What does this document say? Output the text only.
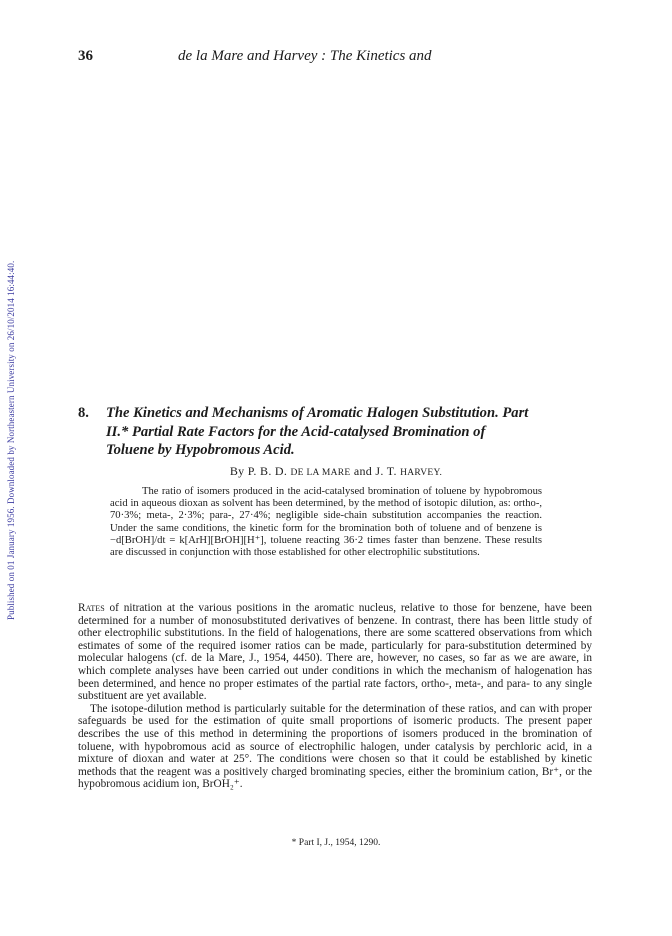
Published on 01 January 1956. Downloaded by Northeastern University on 26/10/2014 16:44:40.
36	de la Mare and Harvey : The Kinetics and
8. The Kinetics and Mechanisms of Aromatic Halogen Substitution. Part
II.* Partial Rate Factors for the Acid-catalysed Bromination of
Toluene by Hypobromous Acid.
By P. B. D. DE LA MARE and J. T. HARVEY.

The ratio of isomers produced in the acid-catalysed bromination of toluene by hypobromous acid in aqueous dioxan as solvent has been determined, by the method of isotopic dilution, as: ortho-, 70·3%; meta-, 2·3%; para-, 27·4%; negligible side-chain substitution accompanies the reaction. Under the same conditions, the kinetic form for the bromination both of toluene and of benzene is −d[BrOH]/dt = k[ArH][BrOH][H⁺], toluene reacting 36·2 times faster than benzene. These results are discussed in conjunction with those established for other electrophilic substitutions.

Rates of nitration at the various positions in the aromatic nucleus, relative to those for benzene, have been determined for a number of monosubstituted derivatives of benzene. In contrast, there has been little study of other electrophilic substitutions. In the field of halogenations, there are some scattered observations from which estimates of some of the required isomer ratios can be made, particularly for para-substitution determined by molecular halogens (cf. de la Mare, J., 1954, 4450). There are, however, no cases, so far as we are aware, in which complete analyses have been carried out under conditions in which the mechanism of halogenation has been determined, and hence no proper estimates of the partial rate factors, ortho-, meta-, and para- to any single substituent are yet available.

The isotope-dilution method is particularly suitable for the determination of these ratios, and can with proper safeguards be used for the estimation of quite small proportions of isomeric products. The present paper describes the use of this method in determining the proportions of isomers produced in the bromination of toluene, with hypobromous acid as source of electrophilic halogen, under catalysis by perchloric acid, in a mixture of dioxan and water at 25°. The conditions were chosen so that it could be established by kinetic methods that the reagent was a positively charged brominating species, either the brominium cation, Br⁺, or the hypobromous acidium ion, BrOH₂⁺.

* Part I, J., 1954, 1290.
